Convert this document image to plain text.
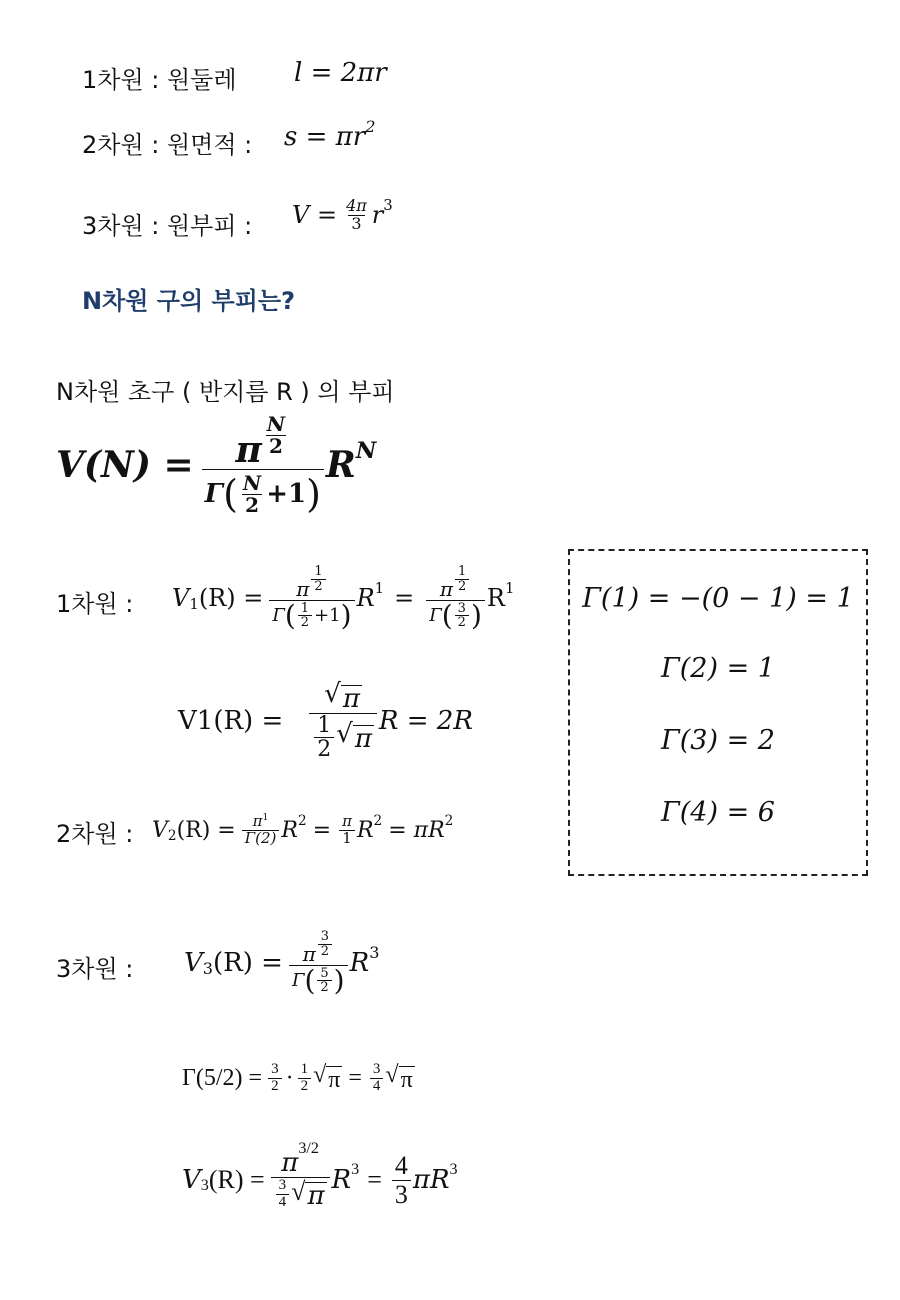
1차원 : 원둘레 l = 2πr
2차원 : 원면적 : $s = \pi r^2$
3차원 : 원부피 : $V = \frac{4\pi}{3} r^3$
N차원 구의 부피는?
N차원 초구 ( 반지름 R ) 의 부피
$V(N) = \frac{\pi \frac{N}{2}}{\Gamma ( \frac{N}{2} +1 )} R^N$
1차원 : $V_1$ $(R) = \frac{\pi \frac{1}{2}}{\Gamma ( \frac{1}{2} +1 )} R^1 = \frac{\pi \frac{1}{2}}{\Gamma ( \frac{3}{2} )} R^1$
$V1(R) = \frac{√ \pi}{\frac{1}{2} √ \pi}$ R = 2R
2차원 : $V_2$ $(R) = \frac{\pi^1}{\Gamma(2)} R^2 = \frac{\pi}{1} R^2 = \pi R^2$
Γ(1) = −(0 − 1) = 1
Γ(2) = 1
Γ(3) = 2
Γ(4) = 6
3차원 : $V_3$ $(R) = \frac{\pi \frac{3}{2}}{\Gamma ( \frac{5}{2} )} R^3$
$\Gamma(5/2) = \frac{3}{2} \cdot \frac{1}{2}$ √ $\pi = \frac{3}{4}$ √ π
$V_3$ $(R) = \frac{\pi^{3/2}}{\frac{3}{4} √ \pi} R^3 = \frac{4}{3} \pi R^3$
